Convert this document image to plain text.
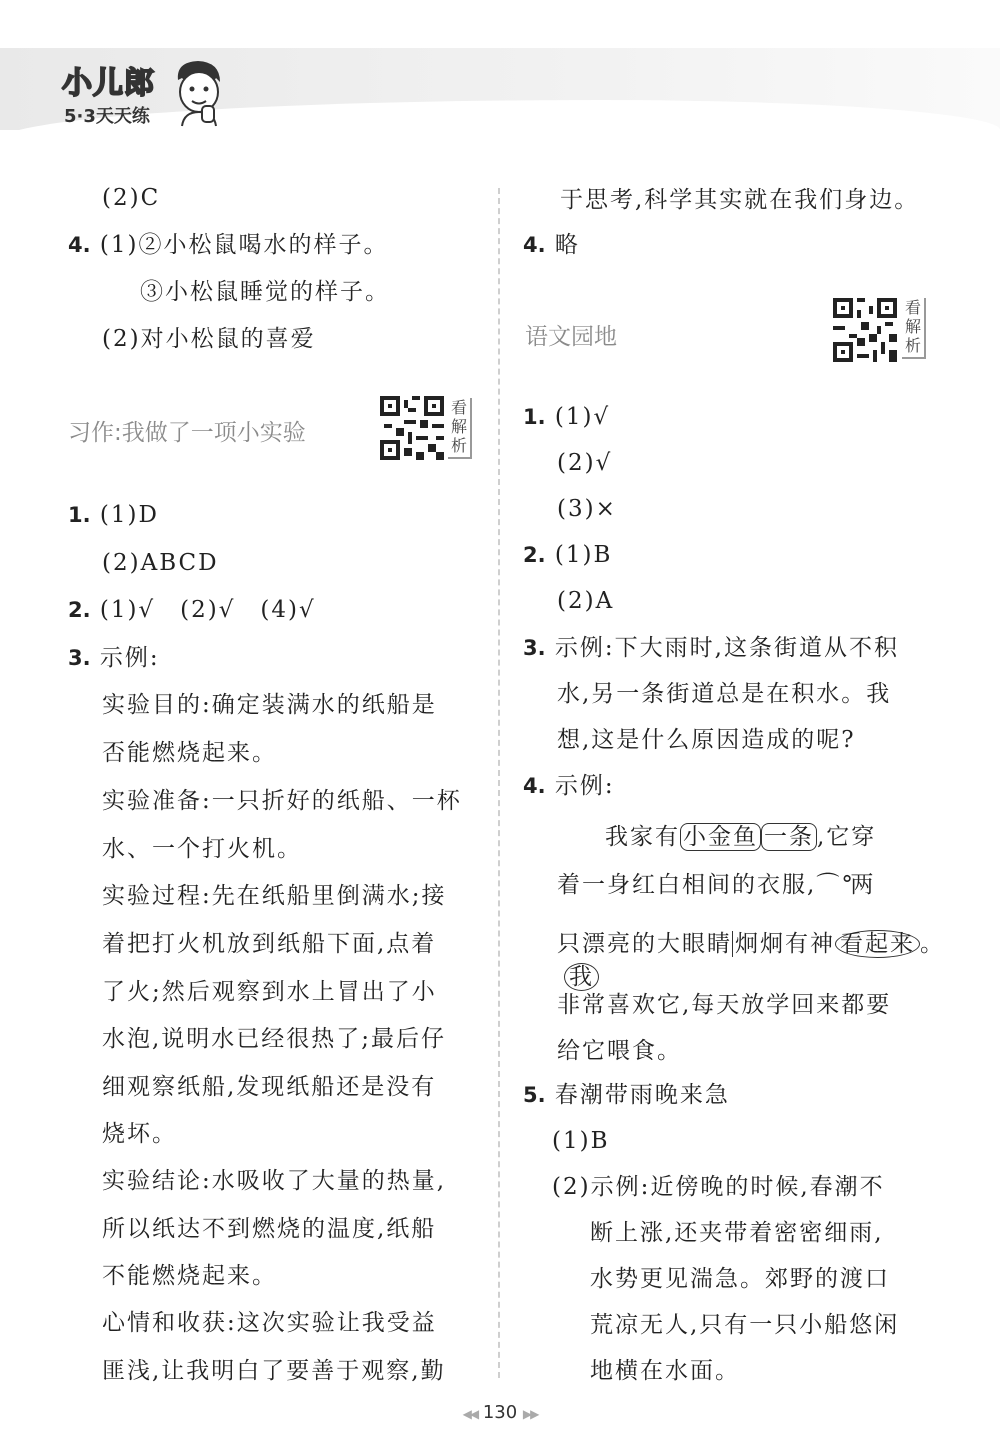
小儿郎
5·3天天练
(2)C
4. (1)②小松鼠喝水的样子。
③小松鼠睡觉的样子。
(2)对小松鼠的喜爱
习作:我做了一项小实验
看解析
1. (1)D
(2)ABCD
2. (1)√　(2)√　(4)√
3. 示例:
实验目的:确定装满水的纸船是
否能燃烧起来。
实验准备:一只折好的纸船、一杯
水、一个打火机。
实验过程:先在纸船里倒满水;接
着把打火机放到纸船下面,点着
了火;然后观察到水上冒出了小
水泡,说明水已经很热了;最后仔
细观察纸船,发现纸船还是没有
烧坏。
实验结论:水吸收了大量的热量,
所以纸达不到燃烧的温度,纸船
不能燃烧起来。
心情和收获:这次实验让我受益
匪浅,让我明白了要善于观察,勤
于思考,科学其实就在我们身边。
4. 略
语文园地
看解析
1. (1)√
(2)√
(3)×
2. (1)B
(2)A
3. 示例:下大雨时,这条街道从不积
水,另一条街道总是在积水。我
想,这是什么原因造成的呢?
4. 示例:
我家有 小金鱼 一条 ,它穿
着一身红白相间的衣服,⌒°两
只漂亮的大眼睛 炯炯有神 看起来 。
我
非常喜欢它,每天放学回来都要
给它喂食。
5. 春潮带雨晚来急
(1)B
(2)示例:近傍晚的时候,春潮不
断上涨,还夹带着密密细雨,
水势更见湍急。郊野的渡口
荒凉无人,只有一只小船悠闲
地横在水面。
◀◀ 130 ▶▶
